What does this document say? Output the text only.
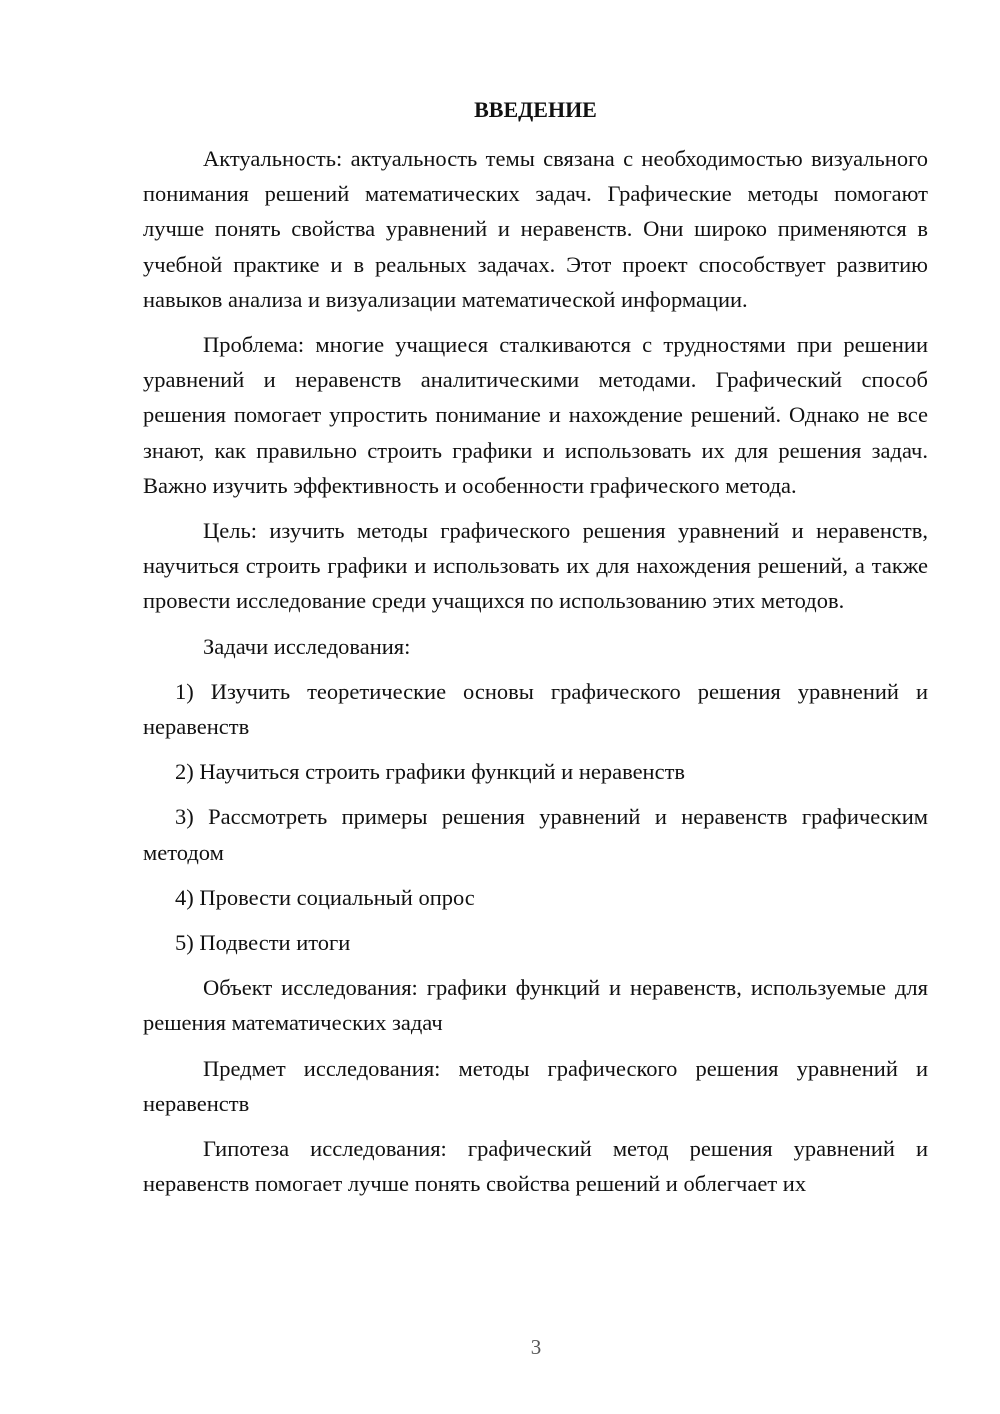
ВВЕДЕНИЕ

Актуальность: актуальность темы связана с необходимостью визуального понимания решений математических задач. Графические методы помогают лучше понять свойства уравнений и неравенств. Они широко применяются в учебной практике и в реальных задачах. Этот проект способствует развитию навыков анализа и визуализации математической информации.

Проблема: многие учащиеся сталкиваются с трудностями при решении уравнений и неравенств аналитическими методами. Графический способ решения помогает упростить понимание и нахождение решений. Однако не все знают, как правильно строить графики и использовать их для решения задач. Важно изучить эффективность и особенности графического метода.

Цель: изучить методы графического решения уравнений и неравенств, научиться строить графики и использовать их для нахождения решений, а также провести исследование среди учащихся по использованию этих методов.

Задачи исследования:

1) Изучить теоретические основы графического решения уравнений и неравенств

2) Научиться строить графики функций и неравенств

3) Рассмотреть примеры решения уравнений и неравенств графическим методом

4) Провести социальный опрос

5) Подвести итоги

Объект исследования: графики функций и неравенств, используемые для решения математических задач

Предмет исследования: методы графического решения уравнений и неравенств

Гипотеза исследования: графический метод решения уравнений и неравенств помогает лучше понять свойства решений и облегчает их

3
